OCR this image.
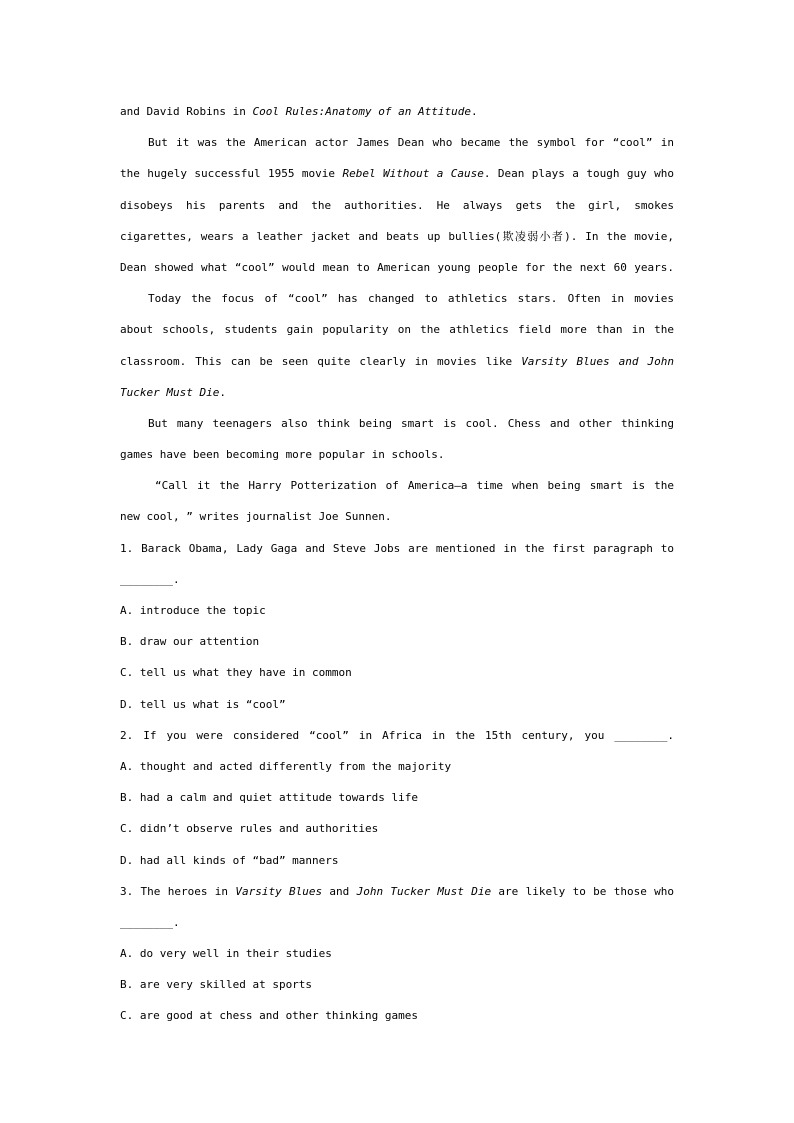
and David Robins in Cool Rules:Anatomy of an Attitude.
But it was the American actor James Dean who became the symbol for “cool” in
the hugely successful 1955 movie Rebel Without a Cause. Dean plays a tough guy who
disobeys his parents and the authorities. He always gets the girl, smokes
cigarettes, wears a leather jacket and beats up bullies(欺凌弱小者). In the movie,
Dean showed what “cool” would mean to American young people for the next 60 years.
Today the focus of “cool” has changed to athletics stars. Often in movies
about schools, students gain popularity on the athletics field more than in the
classroom. This can be seen quite clearly in movies like Varsity Blues and John
Tucker Must Die.
But many teenagers also think being smart is cool. Chess and other thinking
games have been becoming more popular in schools.
“Call it the Harry Potterization of America—a time when being smart is the
new cool, ” writes journalist Joe Sunnen.
1. Barack Obama, Lady Gaga and Steve Jobs are mentioned in the first paragraph to
________.
A. introduce the topic
B. draw our attention
C. tell us what they have in common
D. tell us what is “cool”
2. If you were considered “cool” in Africa in the 15th century, you ________.
A. thought and acted differently from the majority
B. had a calm and quiet attitude towards life
C. didn’t observe rules and authorities
D. had all kinds of “bad” manners
3. The heroes in Varsity Blues and John Tucker Must Die are likely to be those who
________.
A. do very well in their studies
B. are very skilled at sports
C. are good at chess and other thinking games
